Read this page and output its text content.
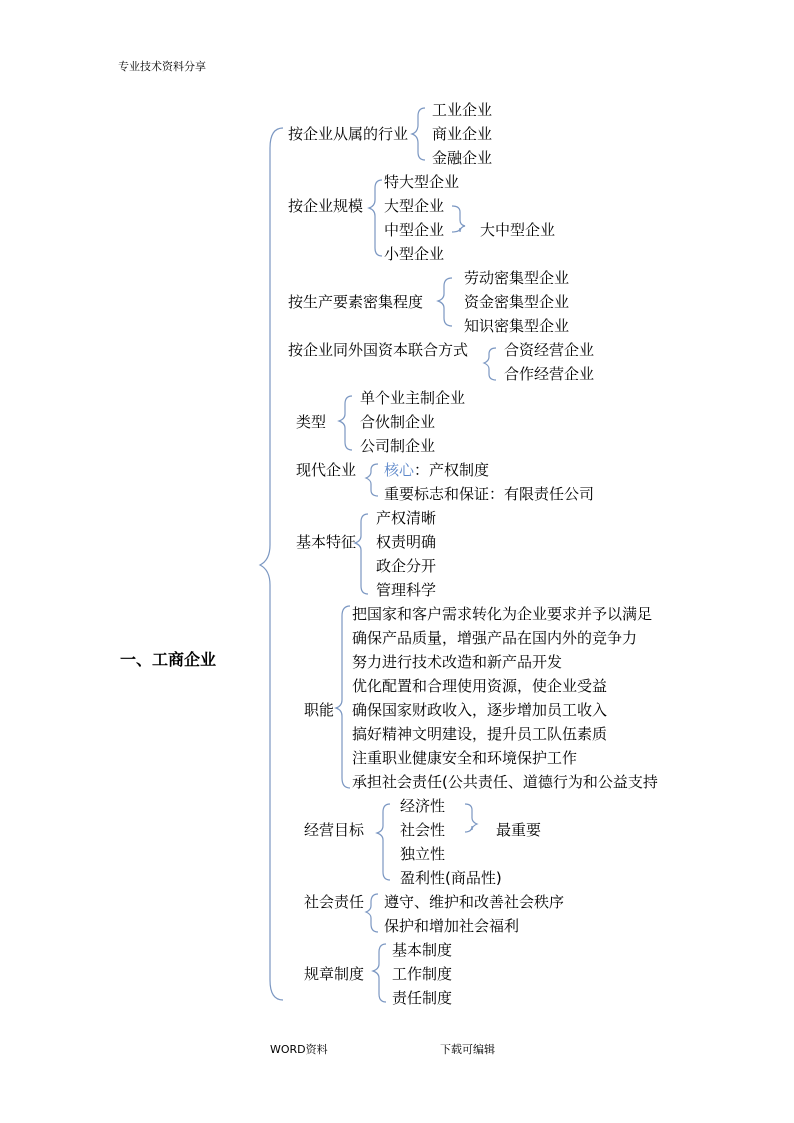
专业技术资料分享
一、工商企业
按企业从属的行业
工业企业
商业企业
金融企业
按企业规模
特大型企业
大型企业
中型企业
小型企业
大中型企业
按生产要素密集程度
劳动密集型企业
资金密集型企业
知识密集型企业
按企业同外国资本联合方式 合资经营企业
合作经营企业
类型
单个业主制企业
合伙制企业
公司制企业
现代企业 核心：产权制度
重要标志和保证：有限责任公司
基本特征
产权清晰
权责明确
政企分开
管理科学
职能
把国家和客户需求转化为企业要求并予以满足
确保产品质量，增强产品在国内外的竞争力
努力进行技术改造和新产品开发
优化配置和合理使用资源，使企业受益
确保国家财政收入，逐步增加员工收入
搞好精神文明建设，提升员工队伍素质
注重职业健康安全和环境保护工作
承担社会责任(公共责任、道德行为和公益支持
经营目标
经济性
社会性
独立性
盈利性(商品性)
最重要
社会责任 遵守、维护和改善社会秩序
保护和增加社会福利
规章制度
基本制度
工作制度
责任制度
WORD资料	下载可编辑
